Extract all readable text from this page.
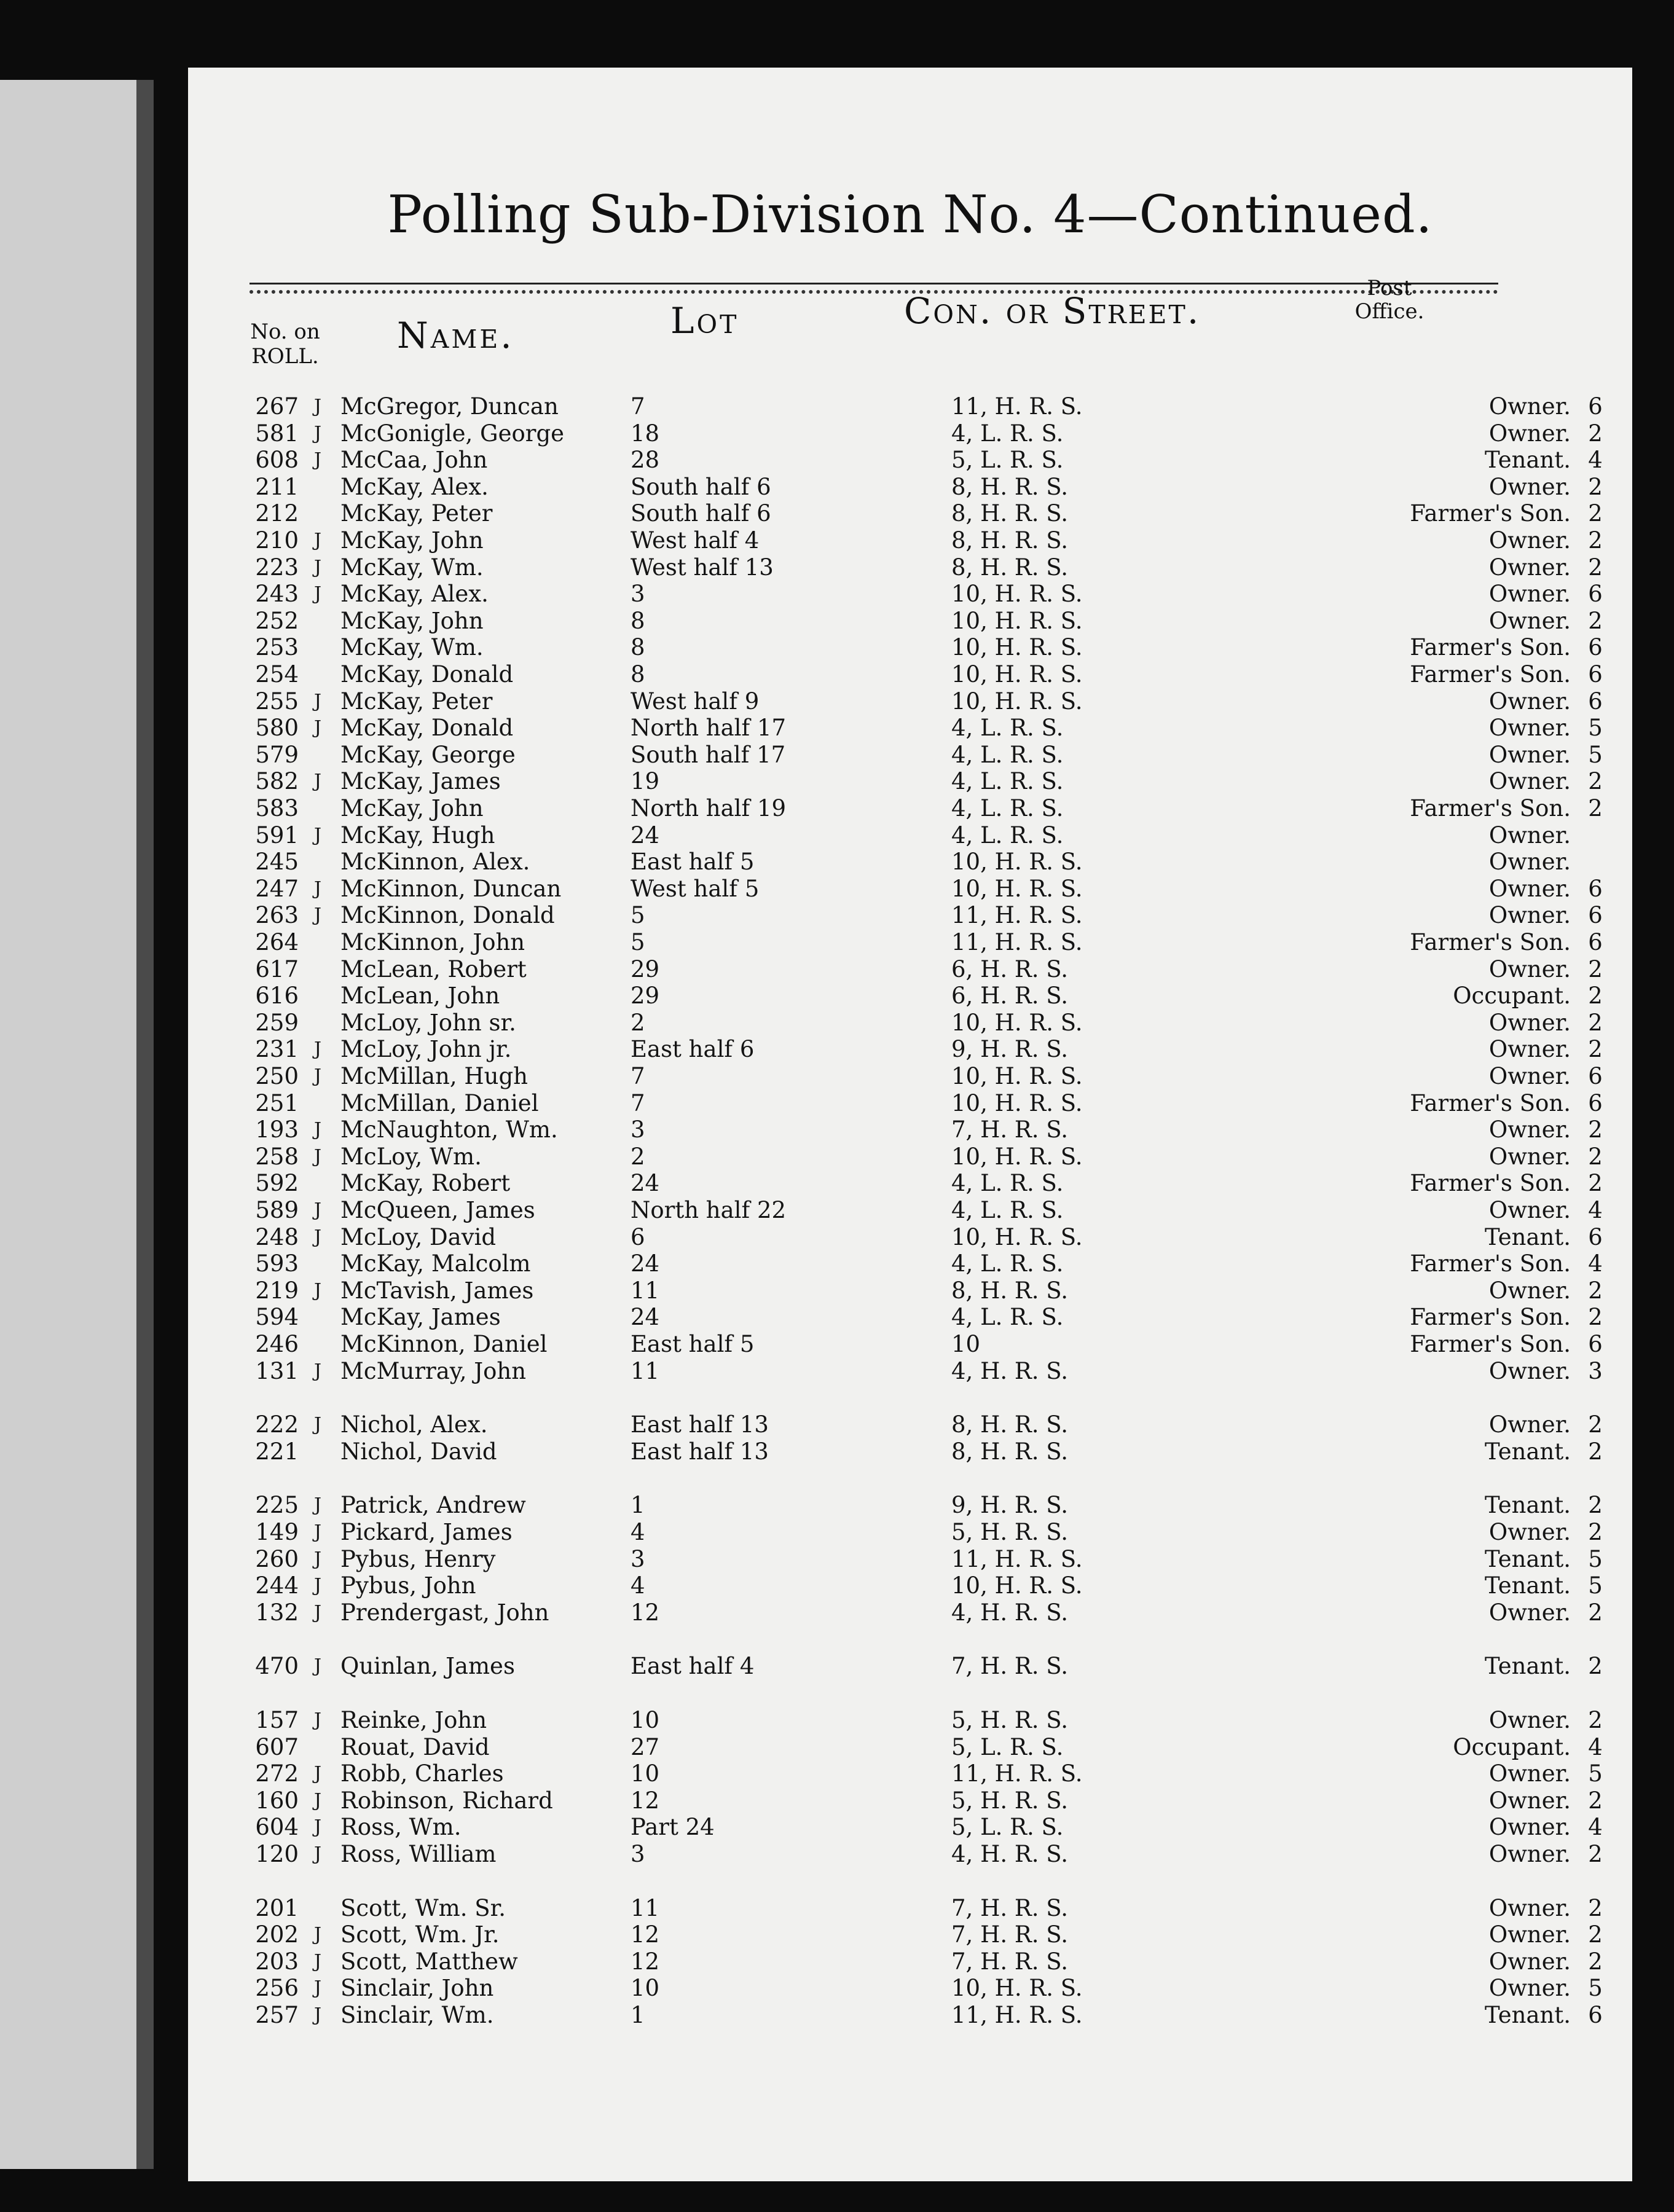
Polling Sub-Division No. 4—Continued.
No. on
ROLL. Name.	Lot	Con. or Street.
Post
Office.
267 J McGregor, Duncan	7	11, H. R. S.	Owner. 6
581 J McGonigle, George	18	4, L. R. S.	Owner. 2
608 J McCaa, John	28	5, L. R. S.	Tenant. 4
211 McKay, Alex.	South half 6	8, H. R. S.	Owner. 2
212 McKay, Peter	South half 6	8, H. R. S.	Farmer's Son. 2
210 J McKay, John	West half 4	8, H. R. S.	Owner. 2
223 J McKay, Wm.	West half 13	8, H. R. S.	Owner. 2
243 J McKay, Alex.	3	10, H. R. S.	Owner. 6
252 McKay, John	8	10, H. R. S.	Owner. 2
253 McKay, Wm.	8	10, H. R. S.	Farmer's Son. 6
254 McKay, Donald	8	10, H. R. S.	Farmer's Son. 6
255 J McKay, Peter	West half 9	10, H. R. S.	Owner. 6
580 J McKay, Donald	North half 17	4, L. R. S.	Owner. 5
579 McKay, George	South half 17	4, L. R. S.	Owner. 5
582 J McKay, James	19	4, L. R. S.	Owner. 2
583 McKay, John	North half 19	4, L. R. S.	Farmer's Son. 2
591 J McKay, Hugh	24	4, L. R. S.	Owner.
245 McKinnon, Alex.	East half 5	10, H. R. S.	Owner.
247 J McKinnon, Duncan	West half 5	10, H. R. S.	Owner. 6
263 J McKinnon, Donald	5	11, H. R. S.	Owner. 6
264 McKinnon, John	5	11, H. R. S.	Farmer's Son. 6
617 McLean, Robert	29	6, H. R. S.	Owner. 2
616 McLean, John	29	6, H. R. S.	Occupant. 2
259 McLoy, John sr.	2	10, H. R. S.	Owner. 2
231 J McLoy, John jr.	East half 6	9, H. R. S.	Owner. 2
250 J McMillan, Hugh	7	10, H. R. S.	Owner. 6
251 McMillan, Daniel	7	10, H. R. S.	Farmer's Son. 6
193 J McNaughton, Wm.	3	7, H. R. S.	Owner. 2
258 J McLoy, Wm.	2	10, H. R. S.	Owner. 2
592 McKay, Robert	24	4, L. R. S.	Farmer's Son. 2
589 J McQueen, James	North half 22	4, L. R. S.	Owner. 4
248 J McLoy, David	6	10, H. R. S.	Tenant. 6
593 McKay, Malcolm	24	4, L. R. S.	Farmer's Son. 4
219 J McTavish, James	11	8, H. R. S.	Owner. 2
594 McKay, James	24	4, L. R. S.	Farmer's Son. 2
246 McKinnon, Daniel	East half 5	10	Farmer's Son. 6
131 J McMurray, John	11	4, H. R. S.	Owner. 3
222 J Nichol, Alex.	East half 13	8, H. R. S.	Owner. 2
221 Nichol, David	East half 13	8, H. R. S.	Tenant. 2
225 J Patrick, Andrew	1	9, H. R. S.	Tenant. 2
149 J Pickard, James	4	5, H. R. S.	Owner. 2
260 J Pybus, Henry	3	11, H. R. S.	Tenant. 5
244 J Pybus, John	4	10, H. R. S.	Tenant. 5
132 J Prendergast, John	12	4, H. R. S.	Owner. 2
470 J Quinlan, James	East half 4	7, H. R. S.	Tenant. 2
157 J Reinke, John	10	5, H. R. S.	Owner. 2
607 Rouat, David	27	5, L. R. S.	Occupant. 4
272 J Robb, Charles	10	11, H. R. S.	Owner. 5
160 J Robinson, Richard	12	5, H. R. S.	Owner. 2
604 J Ross, Wm.	Part 24	5, L. R. S.	Owner. 4
120 J Ross, William	3	4, H. R. S.	Owner. 2
201 Scott, Wm. Sr.	11	7, H. R. S.	Owner. 2
202 J Scott, Wm. Jr.	12	7, H. R. S.	Owner. 2
203 J Scott, Matthew	12	7, H. R. S.	Owner. 2
256 J Sinclair, John	10	10, H. R. S.	Owner. 5
257 J Sinclair, Wm.	1	11, H. R. S.	Tenant. 6
